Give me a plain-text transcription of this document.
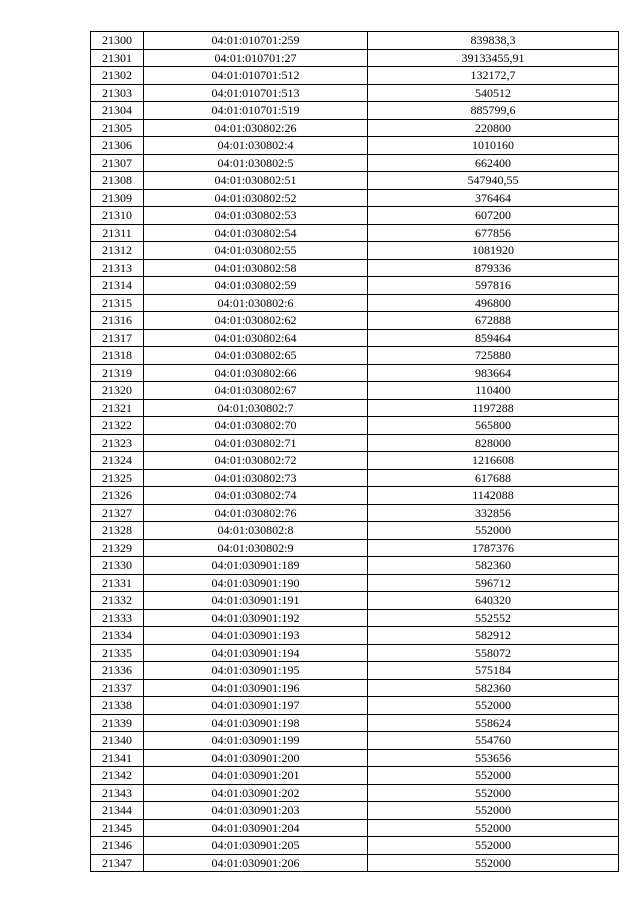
21300	04:01:010701:259	839838,3
21301	04:01:010701:27	39133455,91
21302	04:01:010701:512	132172,7
21303	04:01:010701:513	540512
21304	04:01:010701:519	885799,6
21305	04:01:030802:26	220800
21306	04:01:030802:4	1010160
21307	04:01:030802:5	662400
21308	04:01:030802:51	547940,55
21309	04:01:030802:52	376464
21310	04:01:030802:53	607200
21311	04:01:030802:54	677856
21312	04:01:030802:55	1081920
21313	04:01:030802:58	879336
21314	04:01:030802:59	597816
21315	04:01:030802:6	496800
21316	04:01:030802:62	672888
21317	04:01:030802:64	859464
21318	04:01:030802:65	725880
21319	04:01:030802:66	983664
21320	04:01:030802:67	110400
21321	04:01:030802:7	1197288
21322	04:01:030802:70	565800
21323	04:01:030802:71	828000
21324	04:01:030802:72	1216608
21325	04:01:030802:73	617688
21326	04:01:030802:74	1142088
21327	04:01:030802:76	332856
21328	04:01:030802:8	552000
21329	04:01:030802:9	1787376
21330	04:01:030901:189	582360
21331	04:01:030901:190	596712
21332	04:01:030901:191	640320
21333	04:01:030901:192	552552
21334	04:01:030901:193	582912
21335	04:01:030901:194	558072
21336	04:01:030901:195	575184
21337	04:01:030901:196	582360
21338	04:01:030901:197	552000
21339	04:01:030901:198	558624
21340	04:01:030901:199	554760
21341	04:01:030901:200	553656
21342	04:01:030901:201	552000
21343	04:01:030901:202	552000
21344	04:01:030901:203	552000
21345	04:01:030901:204	552000
21346	04:01:030901:205	552000
21347	04:01:030901:206	552000
